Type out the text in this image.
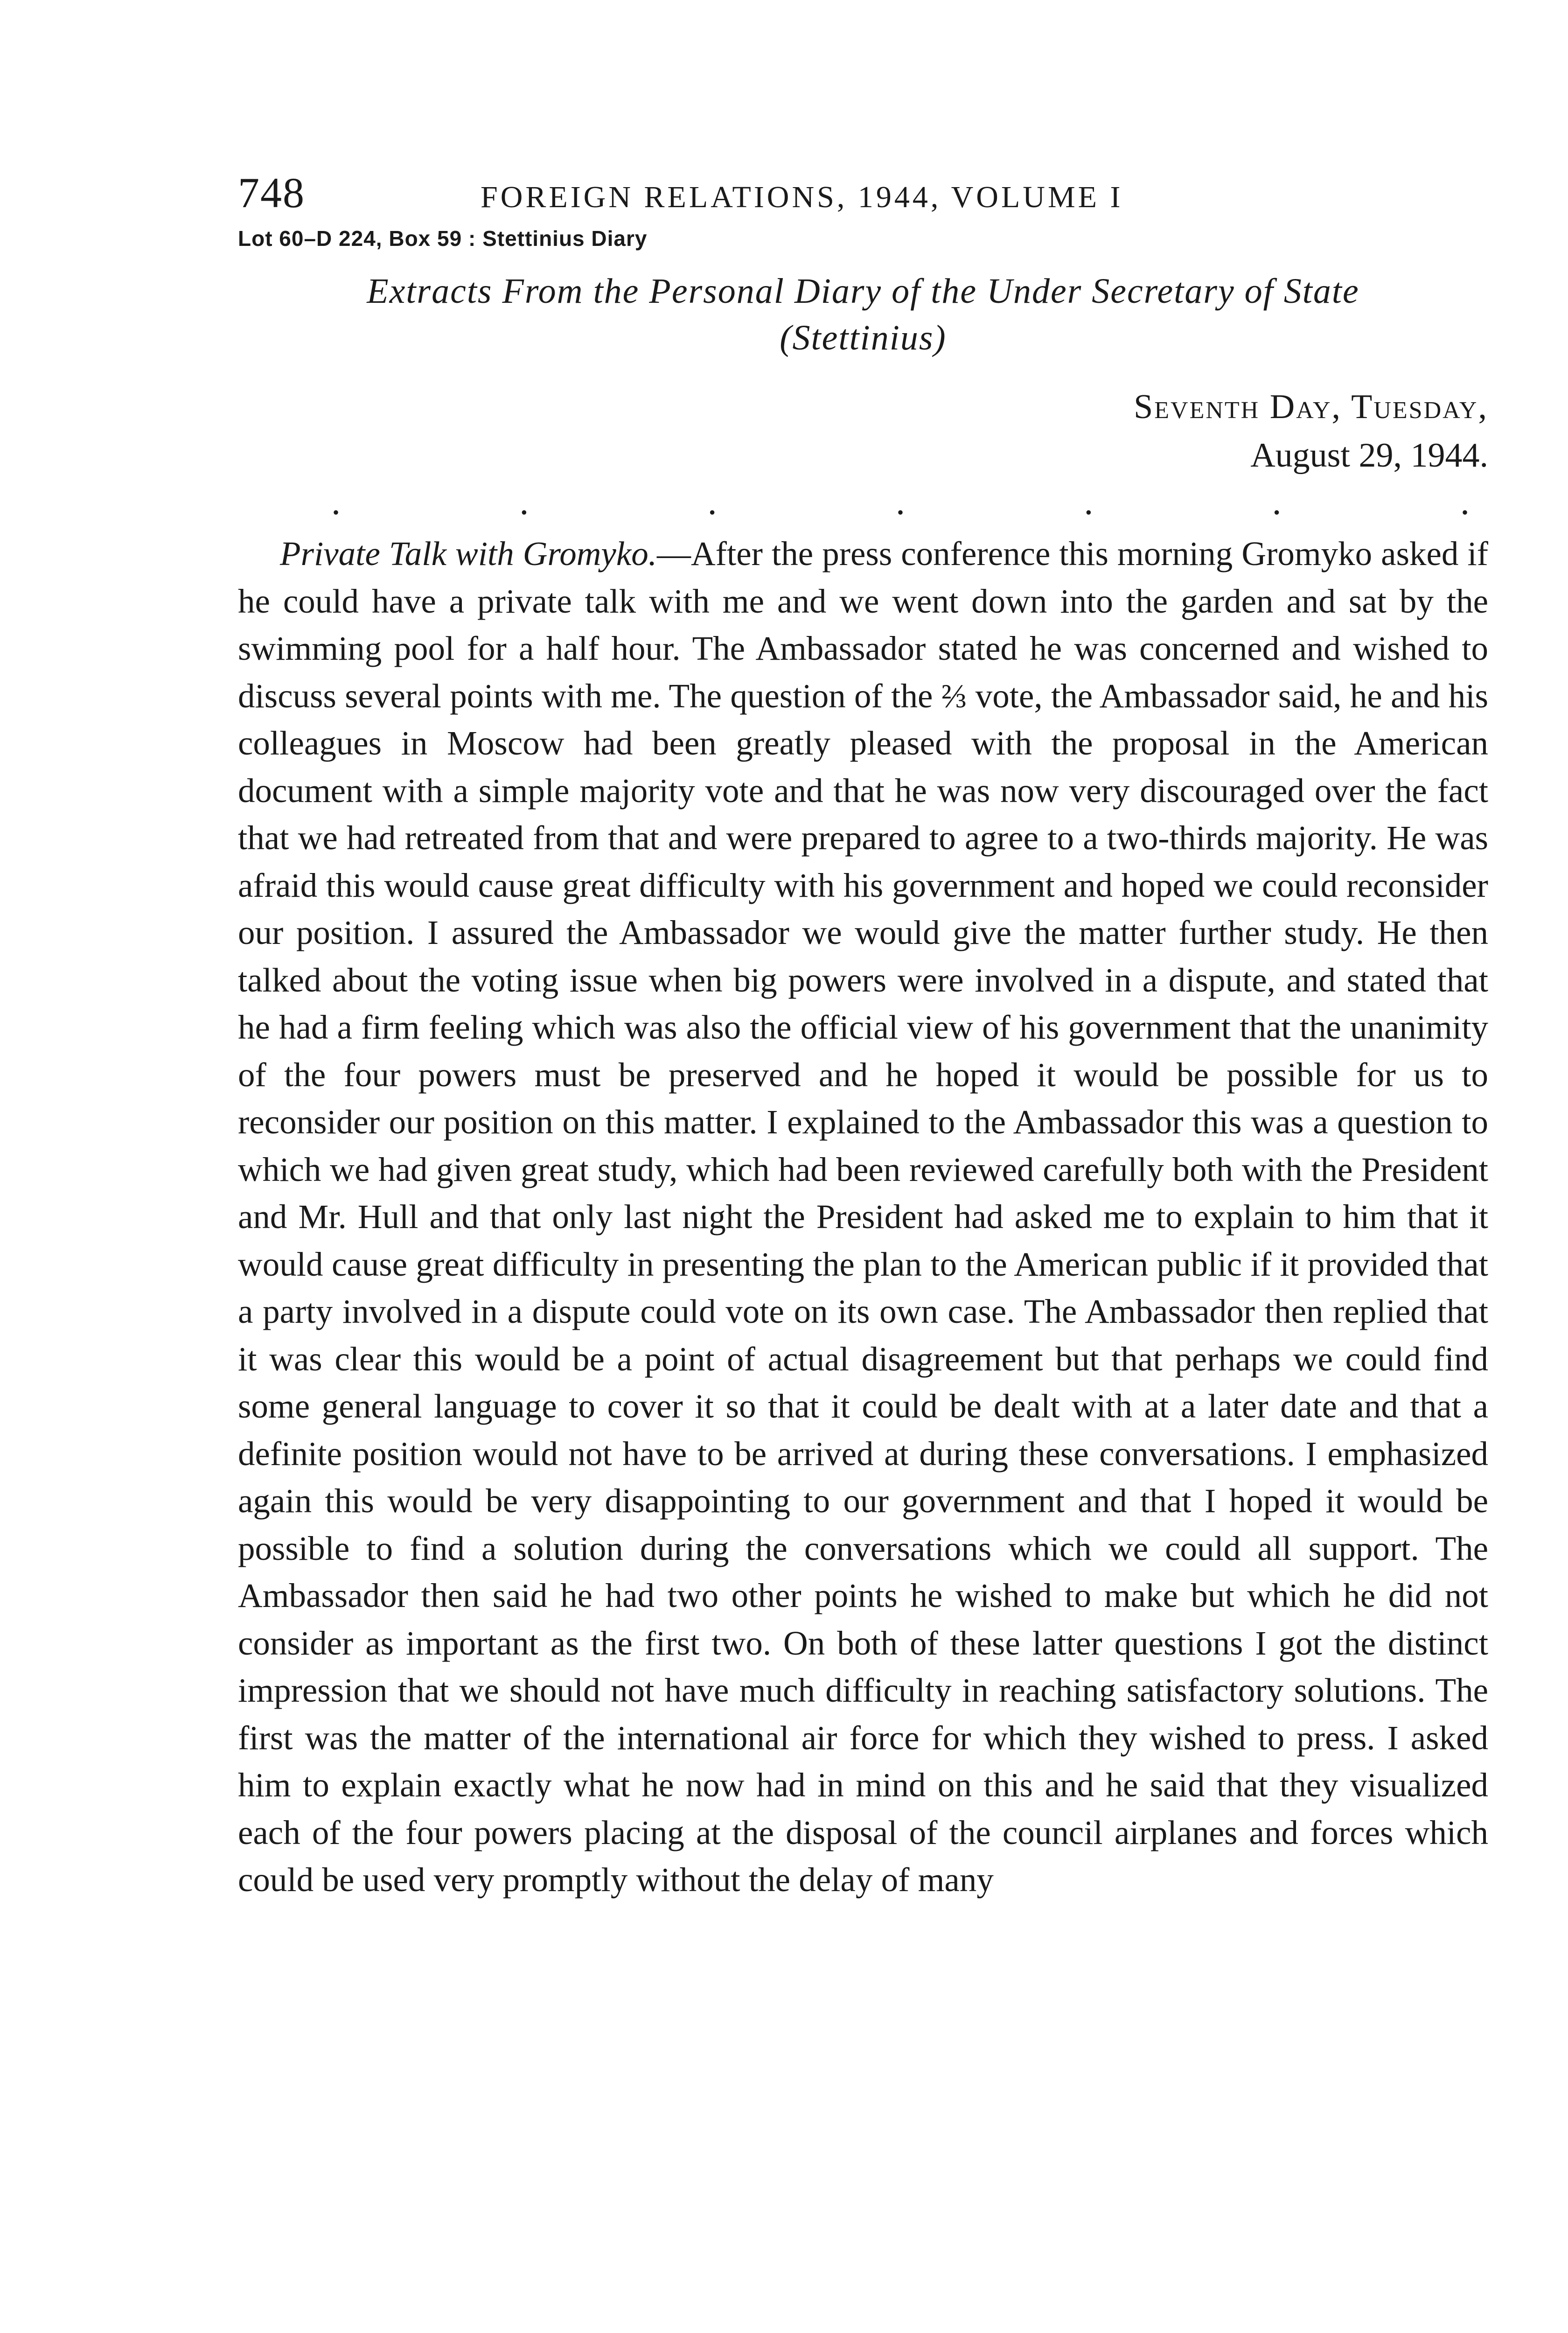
748	FOREIGN RELATIONS, 1944, VOLUME I
Lot 60–D 224, Box 59 : Stettinius Diary
Extracts From the Personal Diary of the Under Secretary of State
(Stettinius)
Seventh Day, Tuesday,
August 29, 1944.
.	.	.	.	.	.	.

Private Talk with Gromyko.—After the press conference this morning Gromyko asked if he could have a private talk with me and we went down into the garden and sat by the swimming pool for a half hour. The Ambassador stated he was concerned and wished to discuss several points with me. The question of the ⅔ vote, the Ambassador said, he and his colleagues in Moscow had been greatly pleased with the proposal in the American document with a simple majority vote and that he was now very discouraged over the fact that we had retreated from that and were prepared to agree to a two-thirds majority. He was afraid this would cause great difficulty with his government and hoped we could reconsider our position. I assured the Ambassador we would give the matter further study. He then talked about the voting issue when big powers were involved in a dispute, and stated that he had a firm feeling which was also the official view of his government that the unanimity of the four powers must be preserved and he hoped it would be possible for us to reconsider our position on this matter. I explained to the Ambassador this was a question to which we had given great study, which had been reviewed carefully both with the President and Mr. Hull and that only last night the President had asked me to explain to him that it would cause great difficulty in presenting the plan to the American public if it provided that a party involved in a dispute could vote on its own case. The Ambassador then replied that it was clear this would be a point of actual disagreement but that perhaps we could find some general language to cover it so that it could be dealt with at a later date and that a definite position would not have to be arrived at during these conversations. I emphasized again this would be very disappointing to our government and that I hoped it would be possible to find a solution during the conversations which we could all support. The Ambassador then said he had two other points he wished to make but which he did not consider as important as the first two. On both of these latter questions I got the distinct impression that we should not have much difficulty in reaching satisfactory solutions. The first was the matter of the international air force for which they wished to press. I asked him to explain exactly what he now had in mind on this and he said that they visualized each of the four powers placing at the disposal of the council airplanes and forces which could be used very promptly without the delay of many
